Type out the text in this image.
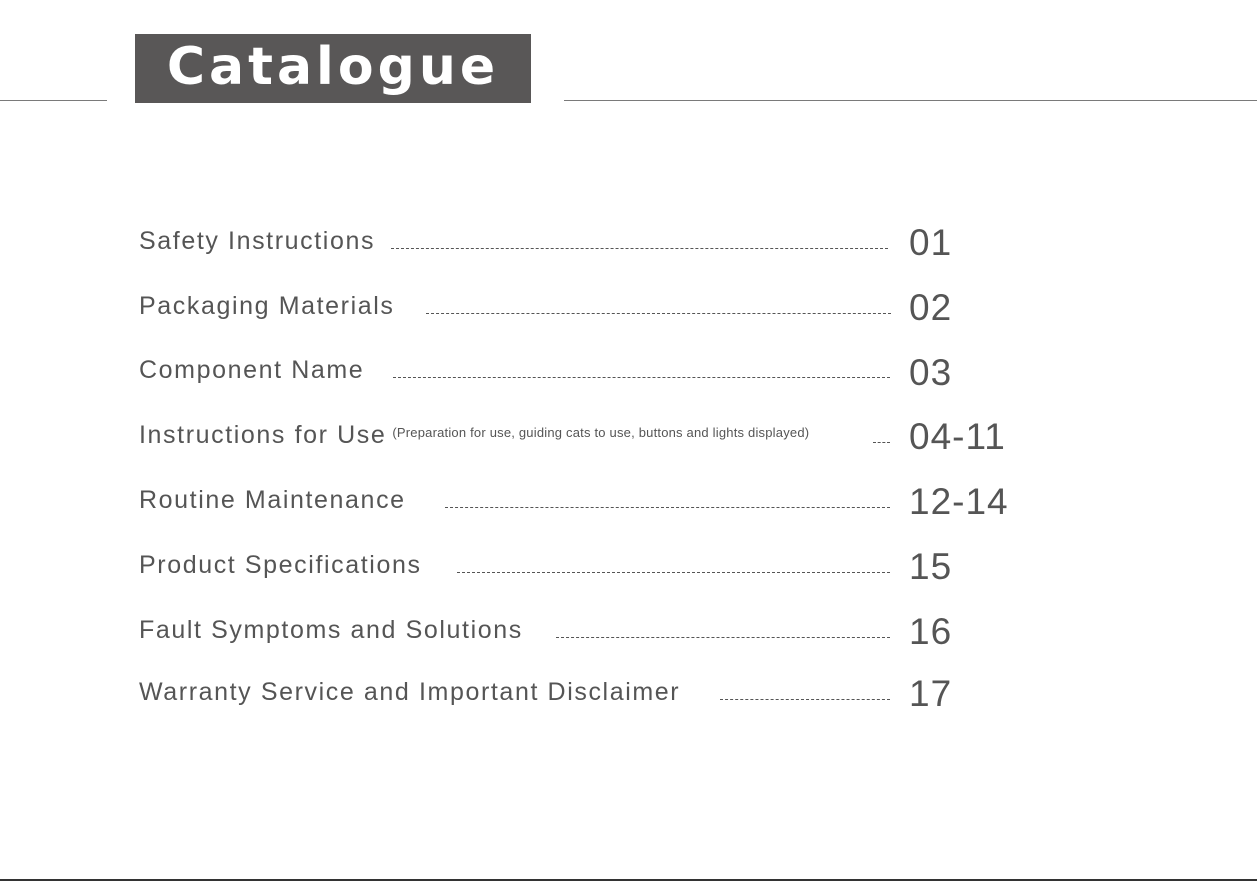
Catalogue
Safety Instructions	01
Packaging Materials	02
Component Name	03
Instructions for Use $^{(Preparation for use, guiding cats to use, buttons and lights displayed)}$	04-11
Routine Maintenance	12-14
Product Specifications	15
Fault Symptoms and Solutions	16
Warranty Service and Important Disclaimer	17
